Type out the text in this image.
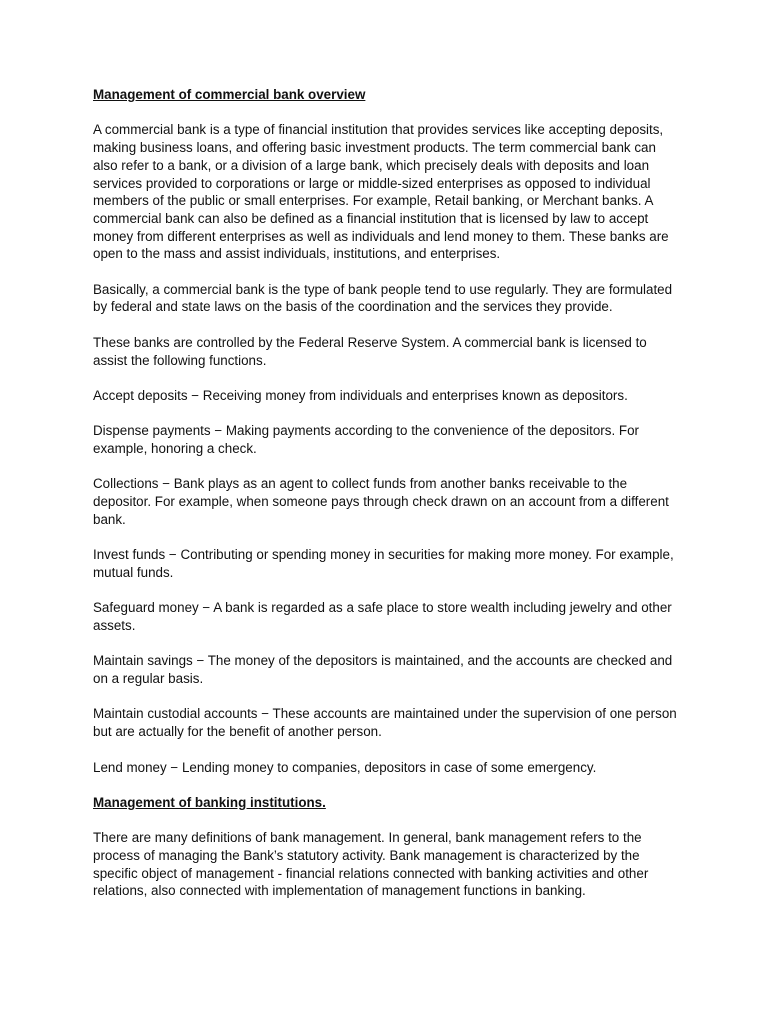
Management of commercial bank overview

A commercial bank is a type of financial institution that provides services like accepting deposits, making business loans, and offering basic investment products. The term commercial bank can also refer to a bank, or a division of a large bank, which precisely deals with deposits and loan services provided to corporations or large or middle-sized enterprises as opposed to individual members of the public or small enterprises. For example, Retail banking, or Merchant banks. A commercial bank can also be defined as a financial institution that is licensed by law to accept money from different enterprises as well as individuals and lend money to them. These banks are open to the mass and assist individuals, institutions, and enterprises.

Basically, a commercial bank is the type of bank people tend to use regularly. They are formulated by federal and state laws on the basis of the coordination and the services they provide.

These banks are controlled by the Federal Reserve System. A commercial bank is licensed to assist the following functions.

Accept deposits − Receiving money from individuals and enterprises known as depositors.

Dispense payments − Making payments according to the convenience of the depositors. For example, honoring a check.

Collections − Bank plays as an agent to collect funds from another banks receivable to the depositor. For example, when someone pays through check drawn on an account from a different bank.

Invest funds − Contributing or spending money in securities for making more money. For example, mutual funds.

Safeguard money − A bank is regarded as a safe place to store wealth including jewelry and other assets.

Maintain savings − The money of the depositors is maintained, and the accounts are checked and on a regular basis.

Maintain custodial accounts − These accounts are maintained under the supervision of one person but are actually for the benefit of another person.

Lend money − Lending money to companies, depositors in case of some emergency.

Management of banking institutions.

There are many definitions of bank management. In general, bank management refers to the process of managing the Bank’s statutory activity. Bank management is characterized by the specific object of management - financial relations connected with banking activities and other relations, also connected with implementation of management functions in banking.
